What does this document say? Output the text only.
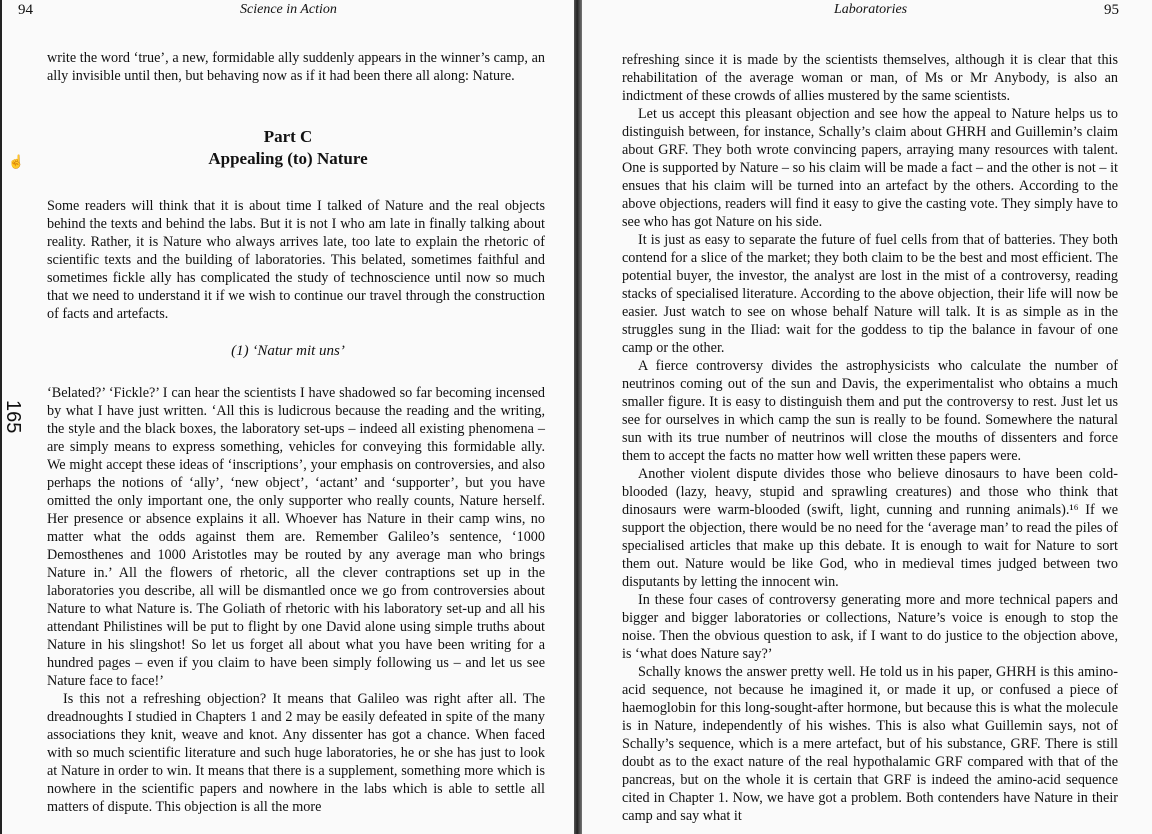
94	Science in Action
☝
165

write the word ‘true’, a new, formidable ally suddenly appears in the winner’s camp, an ally invisible until then, but behaving now as if it had been there all along: Nature.

Part C
Appealing (to) Nature

Some readers will think that it is about time I talked of Nature and the real objects behind the texts and behind the labs. But it is not I who am late in finally talking about reality. Rather, it is Nature who always arrives late, too late to explain the rhetoric of scientific texts and the building of laboratories. This belated, sometimes faithful and sometimes fickle ally has complicated the study of technoscience until now so much that we need to understand it if we wish to continue our travel through the construction of facts and artefacts.

(1) ‘Natur mit uns’

‘Belated?’ ‘Fickle?’ I can hear the scientists I have shadowed so far becoming incensed by what I have just written. ‘All this is ludicrous because the reading and the writing, the style and the black boxes, the laboratory set-ups – indeed all existing phenomena – are simply means to express something, vehicles for conveying this formidable ally. We might accept these ideas of ‘inscriptions’, your emphasis on controversies, and also perhaps the notions of ‘ally’, ‘new object’, ‘actant’ and ‘supporter’, but you have omitted the only important one, the only supporter who really counts, Nature herself. Her presence or absence explains it all. Whoever has Nature in their camp wins, no matter what the odds against them are. Remember Galileo’s sentence, ‘1000 Demosthenes and 1000 Aristotles may be routed by any average man who brings Nature in.’ All the flowers of rhetoric, all the clever contraptions set up in the laboratories you describe, all will be dismantled once we go from controversies about Nature to what Nature is. The Goliath of rhetoric with his laboratory set-up and all his attendant Philistines will be put to flight by one David alone using simple truths about Nature in his slingshot! So let us forget all about what you have been writing for a hundred pages – even if you claim to have been simply following us – and let us see Nature face to face!’

Is this not a refreshing objection? It means that Galileo was right after all. The dreadnoughts I studied in Chapters 1 and 2 may be easily defeated in spite of the many associations they knit, weave and knot. Any dissenter has got a chance. When faced with so much scientific literature and such huge laboratories, he or she has just to look at Nature in order to win. It means that there is a supplement, something more which is nowhere in the scientific papers and nowhere in the labs which is able to settle all matters of dispute. This objection is all the more

Laboratories	95

refreshing since it is made by the scientists themselves, although it is clear that this rehabilitation of the average woman or man, of Ms or Mr Anybody, is also an indictment of these crowds of allies mustered by the same scientists.

Let us accept this pleasant objection and see how the appeal to Nature helps us to distinguish between, for instance, Schally’s claim about GHRH and Guillemin’s claim about GRF. They both wrote convincing papers, arraying many resources with talent. One is supported by Nature – so his claim will be made a fact – and the other is not – it ensues that his claim will be turned into an artefact by the others. According to the above objections, readers will find it easy to give the casting vote. They simply have to see who has got Nature on his side.

It is just as easy to separate the future of fuel cells from that of batteries. They both contend for a slice of the market; they both claim to be the best and most efficient. The potential buyer, the investor, the analyst are lost in the mist of a controversy, reading stacks of specialised literature. According to the above objection, their life will now be easier. Just watch to see on whose behalf Nature will talk. It is as simple as in the struggles sung in the Iliad: wait for the goddess to tip the balance in favour of one camp or the other.

A fierce controversy divides the astrophysicists who calculate the number of neutrinos coming out of the sun and Davis, the experimentalist who obtains a much smaller figure. It is easy to distinguish them and put the controversy to rest. Just let us see for ourselves in which camp the sun is really to be found. Somewhere the natural sun with its true number of neutrinos will close the mouths of dissenters and force them to accept the facts no matter how well written these papers were.

Another violent dispute divides those who believe dinosaurs to have been cold-blooded (lazy, heavy, stupid and sprawling creatures) and those who think that dinosaurs were warm-blooded (swift, light, cunning and running animals).¹⁶ If we support the objection, there would be no need for the ‘average man’ to read the piles of specialised articles that make up this debate. It is enough to wait for Nature to sort them out. Nature would be like God, who in medieval times judged between two disputants by letting the innocent win.

In these four cases of controversy generating more and more technical papers and bigger and bigger laboratories or collections, Nature’s voice is enough to stop the noise. Then the obvious question to ask, if I want to do justice to the objection above, is ‘what does Nature say?’

Schally knows the answer pretty well. He told us in his paper, GHRH is this amino-acid sequence, not because he imagined it, or made it up, or confused a piece of haemoglobin for this long-sought-after hormone, but because this is what the molecule is in Nature, independently of his wishes. This is also what Guillemin says, not of Schally’s sequence, which is a mere artefact, but of his substance, GRF. There is still doubt as to the exact nature of the real hypothalamic GRF compared with that of the pancreas, but on the whole it is certain that GRF is indeed the amino-acid sequence cited in Chapter 1. Now, we have got a problem. Both contenders have Nature in their camp and say what it
